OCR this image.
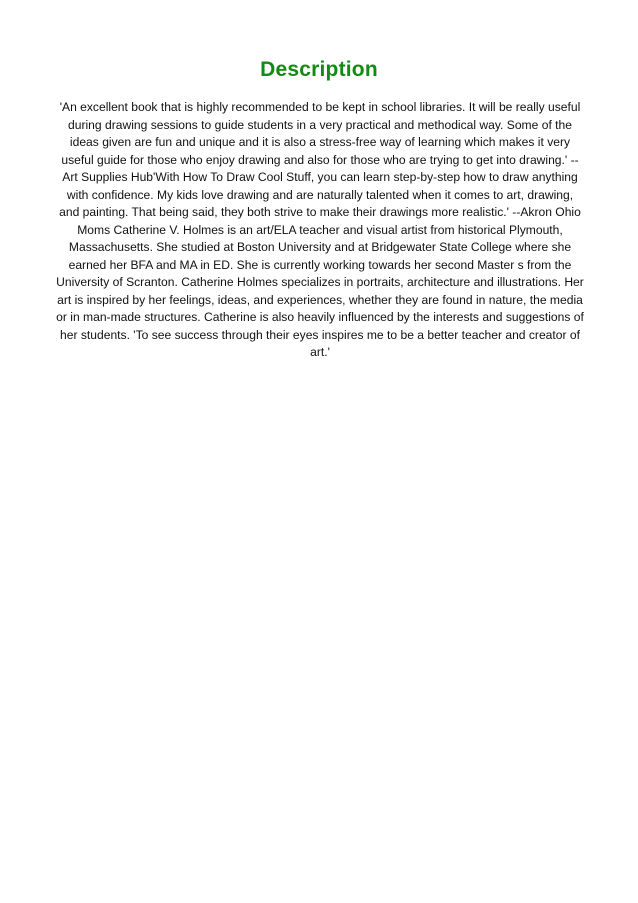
Description

'An excellent book that is highly recommended to be kept in school libraries. It will be really useful
during drawing sessions to guide students in a very practical and methodical way. Some of the
ideas given are fun and unique and it is also a stress-free way of learning which makes it very
useful guide for those who enjoy drawing and also for those who are trying to get into drawing.' --
Art Supplies Hub'With How To Draw Cool Stuff, you can learn step-by-step how to draw anything
with confidence. My kids love drawing and are naturally talented when it comes to art, drawing,
and painting. That being said, they both strive to make their drawings more realistic.' --Akron Ohio
Moms Catherine V. Holmes is an art/ELA teacher and visual artist from historical Plymouth,
Massachusetts. She studied at Boston University and at Bridgewater State College where she
earned her BFA and MA in ED. She is currently working towards her second Master s from the
University of Scranton. Catherine Holmes specializes in portraits, architecture and illustrations. Her
art is inspired by her feelings, ideas, and experiences, whether they are found in nature, the media
or in man-made structures. Catherine is also heavily influenced by the interests and suggestions of
her students. 'To see success through their eyes inspires me to be a better teacher and creator of
art.'
